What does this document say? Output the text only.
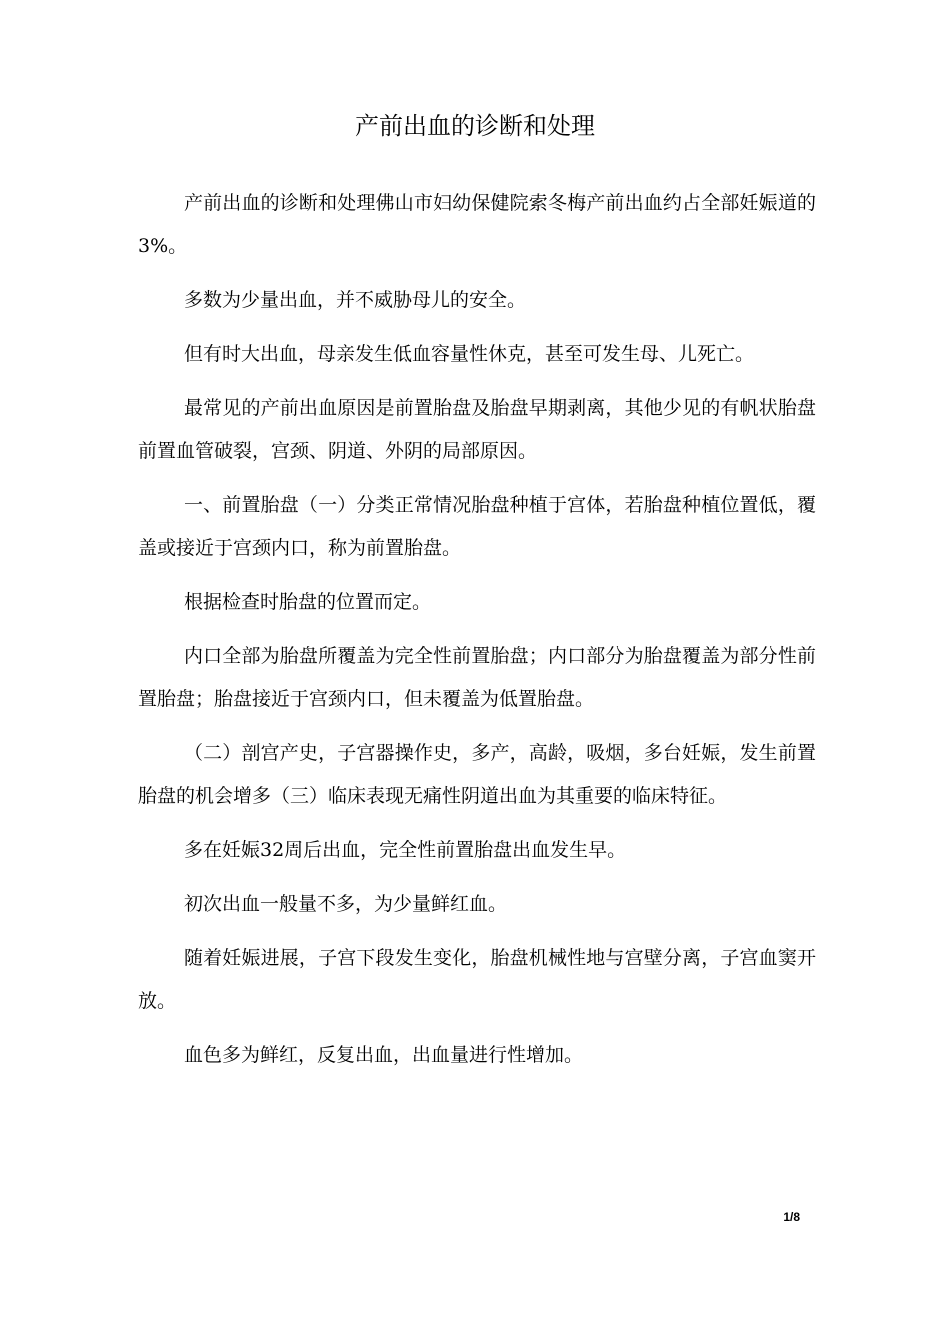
产前出血的诊断和处理

产前出血的诊断和处理佛山市妇幼保健院索冬梅产前出血约占全部妊娠道的3%。

多数为少量出血，并不威胁母儿的安全。

但有时大出血，母亲发生低血容量性休克，甚至可发生母、儿死亡。

最常见的产前出血原因是前置胎盘及胎盘早期剥离，其他少见的有帆状胎盘前置血管破裂，宫颈、阴道、外阴的局部原因。

一、前置胎盘（一）分类正常情况胎盘种植于宫体，若胎盘种植位置低，覆盖或接近于宫颈内口，称为前置胎盘。

根据检查时胎盘的位置而定。

内口全部为胎盘所覆盖为完全性前置胎盘；内口部分为胎盘覆盖为部分性前置胎盘；胎盘接近于宫颈内口，但未覆盖为低置胎盘。

（二）剖宫产史，子宫器操作史，多产，高龄，吸烟，多台妊娠，发生前置胎盘的机会增多（三）临床表现无痛性阴道出血为其重要的临床特征。

多在妊娠32周后出血，完全性前置胎盘出血发生早。

初次出血一般量不多，为少量鲜红血。

随着妊娠进展，子宫下段发生变化，胎盘机械性地与宫壁分离，子宫血窦开放。

血色多为鲜红，反复出血，出血量进行性增加。

1/8
